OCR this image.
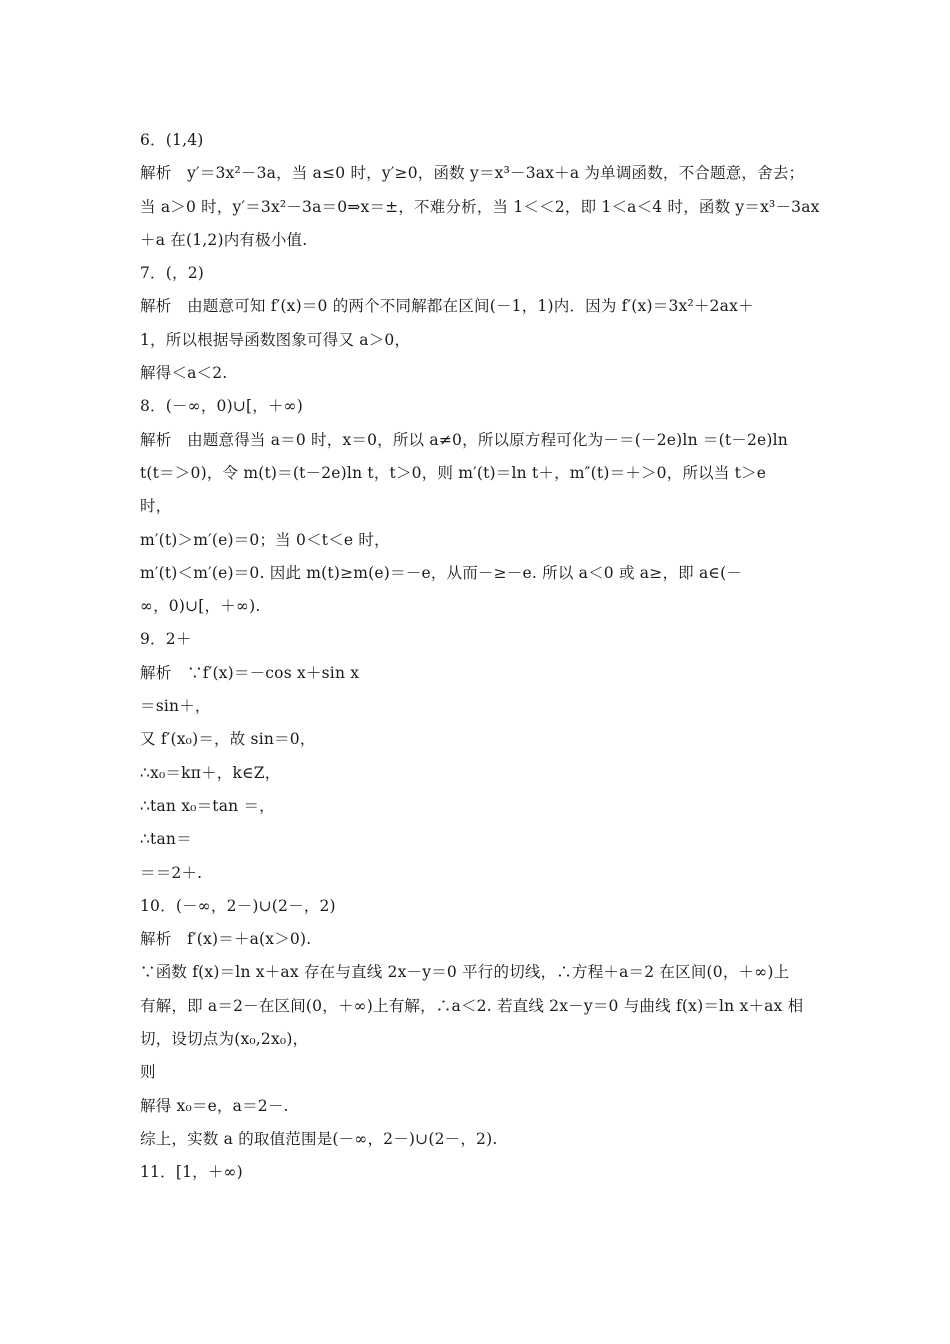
6．(1,4)
解析　y′＝3x²－3a，当 a≤0 时，y′≥0，函数 y＝x³－3ax＋a 为单调函数，不合题意，舍去；
当 a＞0 时，y′＝3x²－3a＝0⇒x＝±，不难分析，当 1＜＜2，即 1＜a＜4 时，函数 y＝x³－3ax
＋a 在(1,2)内有极小值.
7．(，2)
解析　由题意可知 f′(x)＝0 的两个不同解都在区间(－1，1)内．因为 f′(x)＝3x²＋2ax＋
1，所以根据导函数图象可得又 a＞0，
解得＜a＜2.
8．(－∞，0)∪[，＋∞)
解析　由题意得当 a＝0 时，x＝0，所以 a≠0，所以原方程可化为－＝(－2e)ln ＝(t－2e)ln
t(t＝＞0)，令 m(t)＝(t－2e)ln t，t＞0，则 m′(t)＝ln t＋，m″(t)＝＋＞0，所以当 t＞e
时，
m′(t)＞m′(e)＝0；当 0＜t＜e 时，
m′(t)＜m′(e)＝0. 因此 m(t)≥m(e)＝－e，从而－≥－e. 所以 a＜0 或 a≥，即 a∈(－
∞，0)∪[，＋∞).
9．2＋
解析　∵f′(x)＝－cos x＋sin x
＝sin＋，
又 f′(x₀)＝，故 sin＝0，
∴x₀＝kπ＋，k∈Z，
∴tan x₀＝tan ＝，
∴tan＝
＝＝2＋.
10．(－∞，2－)∪(2－，2)
解析　f′(x)＝＋a(x＞0).
∵函数 f(x)＝ln x＋ax 存在与直线 2x－y＝0 平行的切线，∴方程＋a＝2 在区间(0，＋∞)上
有解，即 a＝2－在区间(0，＋∞)上有解，∴a＜2. 若直线 2x－y＝0 与曲线 f(x)＝ln x＋ax 相
切，设切点为(x₀,2x₀)，
则
解得 x₀＝e，a＝2－.
综上，实数 a 的取值范围是(－∞，2－)∪(2－，2).
11．[1，＋∞)
